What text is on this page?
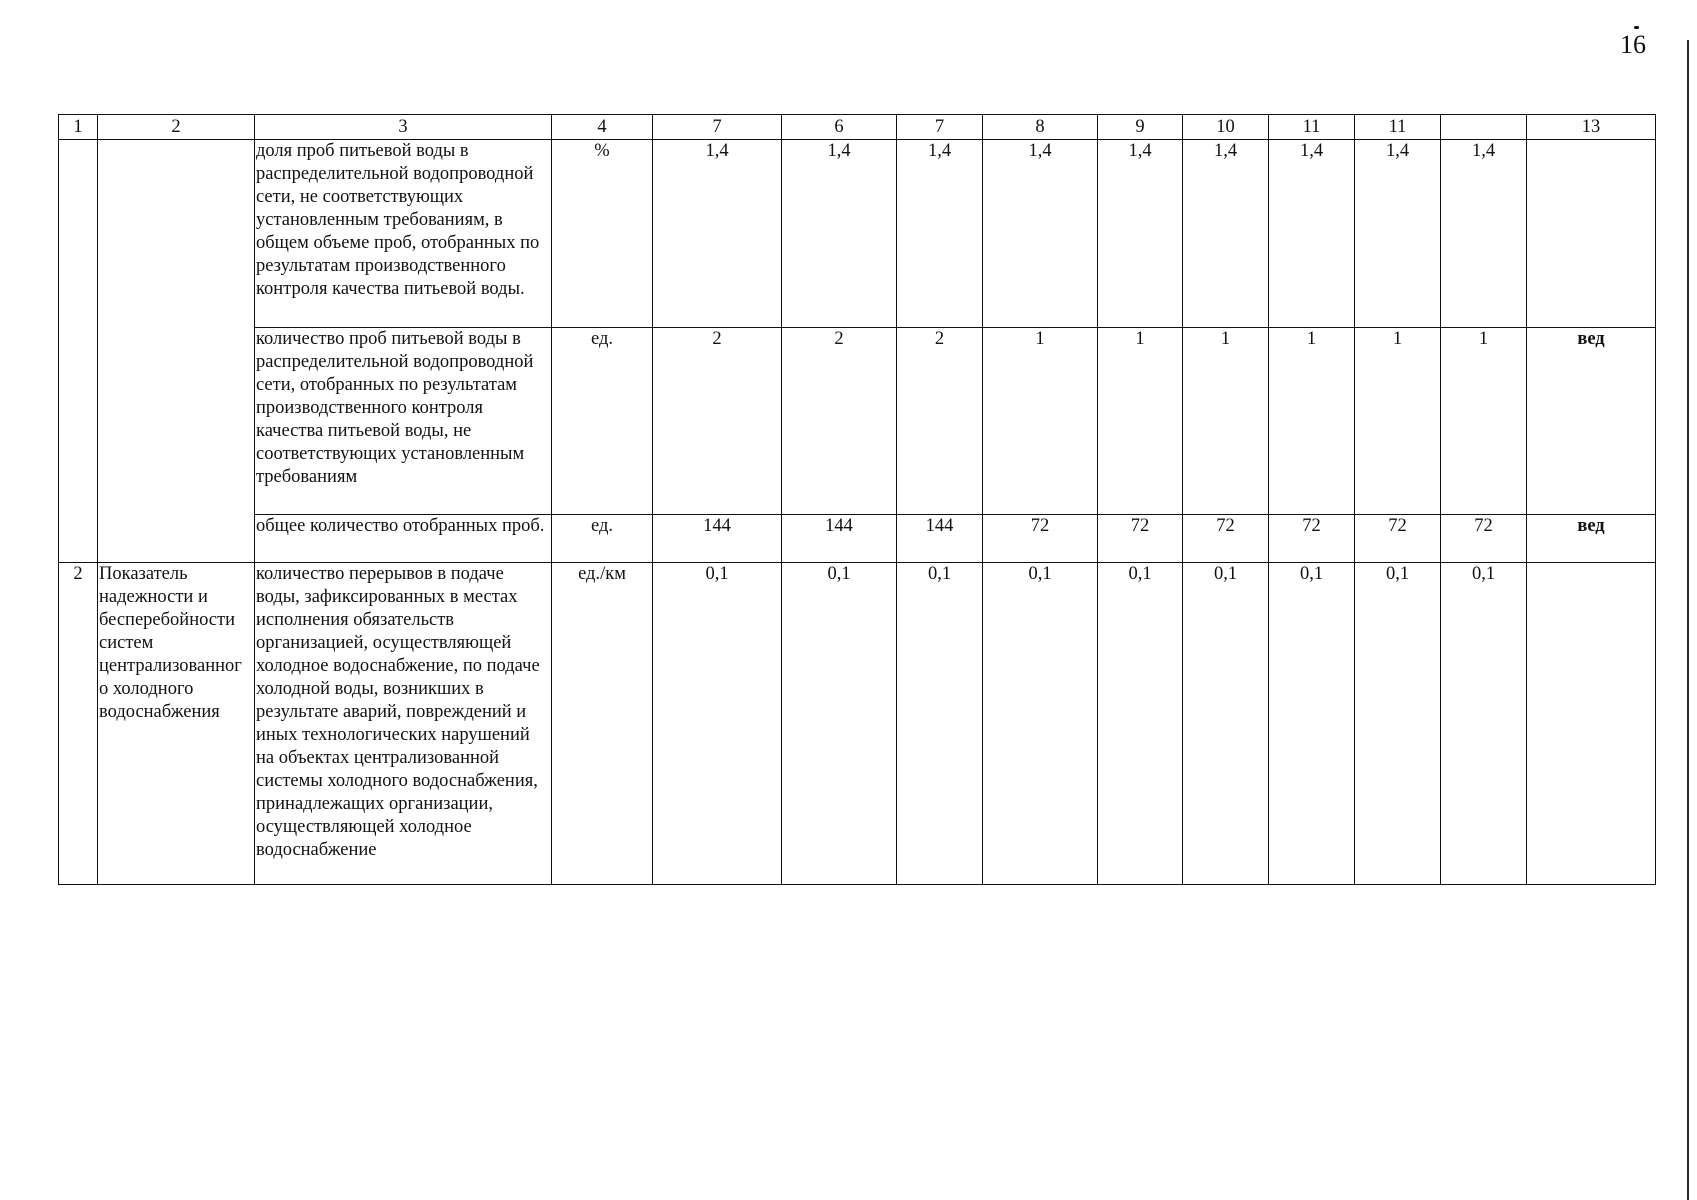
16
1	2	3	4	7	6	7	8	9	10	11	11		13
		доля проб питьевой воды в распределительной водопроводной сети, не соответствующих установленным требованиям, в общем объеме проб, отобранных по результатам производственного контроля качества питьевой воды.	%	1,4	1,4	1,4	1,4	1,4	1,4	1,4	1,4	1,4	
		количество проб питьевой воды в распределительной водопроводной сети, отобранных по результатам производственного контроля качества питьевой воды, не соответствующих установленным требованиям	ед.	2	2	2	1	1	1	1	1	1	вед
		общее количество отобранных проб.	ед.	144	144	144	72	72	72	72	72	72	вед
2	Показатель надежности и бесперебойности систем централизованног о холодного водоснабжения	количество перерывов в подаче воды, зафиксированных в местах исполнения обязательств организацией, осуществляющей холодное водоснабжение, по подаче холодной воды, возникших в результате аварий, повреждений и иных технологических нарушений на объектах централизованной системы холодного водоснабжения, принадлежащих организации, осуществляющей холодное водоснабжение	ед./км	0,1	0,1	0,1	0,1	0,1	0,1	0,1	0,1	0,1	
